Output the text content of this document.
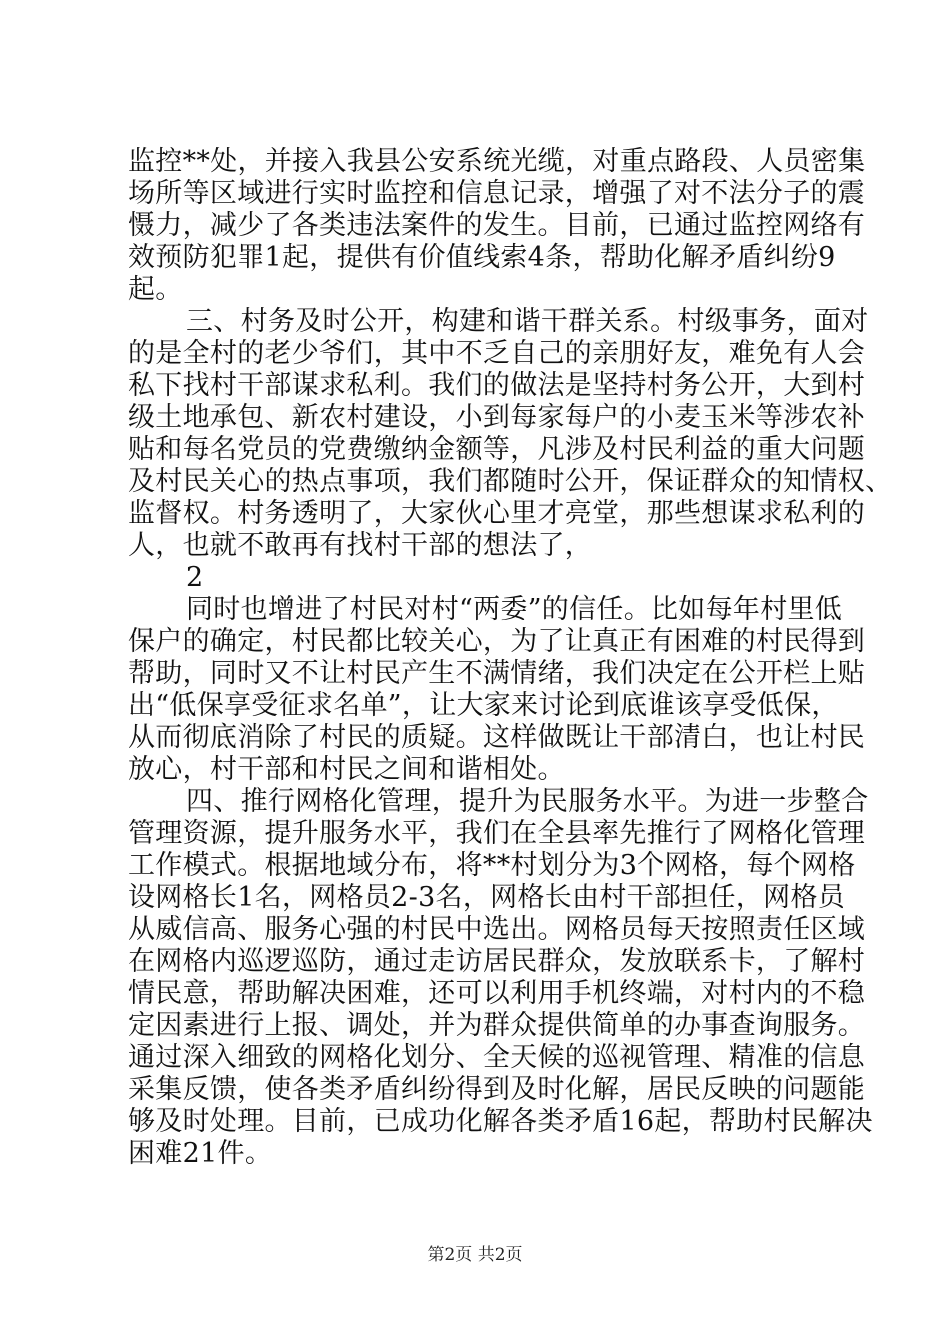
监控**处，并接入我县公安系统光缆，对重点路段、人员密集
场所等区域进行实时监控和信息记录，增强了对不法分子的震
慑力，减少了各类违法案件的发生。目前，已通过监控网络有
效预防犯罪1起，提供有价值线索4条，帮助化解矛盾纠纷9
起。
三、村务及时公开，构建和谐干群关系。村级事务，面对
的是全村的老少爷们，其中不乏自己的亲朋好友，难免有人会
私下找村干部谋求私利。我们的做法是坚持村务公开，大到村
级土地承包、新农村建设，小到每家每户的小麦玉米等涉农补
贴和每名党员的党费缴纳金额等，凡涉及村民利益的重大问题
及村民关心的热点事项，我们都随时公开，保证群众的知情权、
监督权。村务透明了，大家伙心里才亮堂，那些想谋求私利的
人，也就不敢再有找村干部的想法了，
2
同时也增进了村民对村“两委”的信任。比如每年村里低
保户的确定，村民都比较关心，为了让真正有困难的村民得到
帮助，同时又不让村民产生不满情绪，我们决定在公开栏上贴
出“低保享受征求名单”，让大家来讨论到底谁该享受低保，
从而彻底消除了村民的质疑。这样做既让干部清白，也让村民
放心，村干部和村民之间和谐相处。
四、推行网格化管理，提升为民服务水平。为进一步整合
管理资源，提升服务水平，我们在全县率先推行了网格化管理
工作模式。根据地域分布，将**村划分为3个网格，每个网格
设网格长1名，网格员2-3名，网格长由村干部担任，网格员
从威信高、服务心强的村民中选出。网格员每天按照责任区域
在网格内巡逻巡防，通过走访居民群众，发放联系卡，了解村
情民意，帮助解决困难，还可以利用手机终端，对村内的不稳
定因素进行上报、调处，并为群众提供简单的办事查询服务。
通过深入细致的网格化划分、全天候的巡视管理、精准的信息
采集反馈，使各类矛盾纠纷得到及时化解，居民反映的问题能
够及时处理。目前，已成功化解各类矛盾16起，帮助村民解决
困难21件。
第2页 共2页
